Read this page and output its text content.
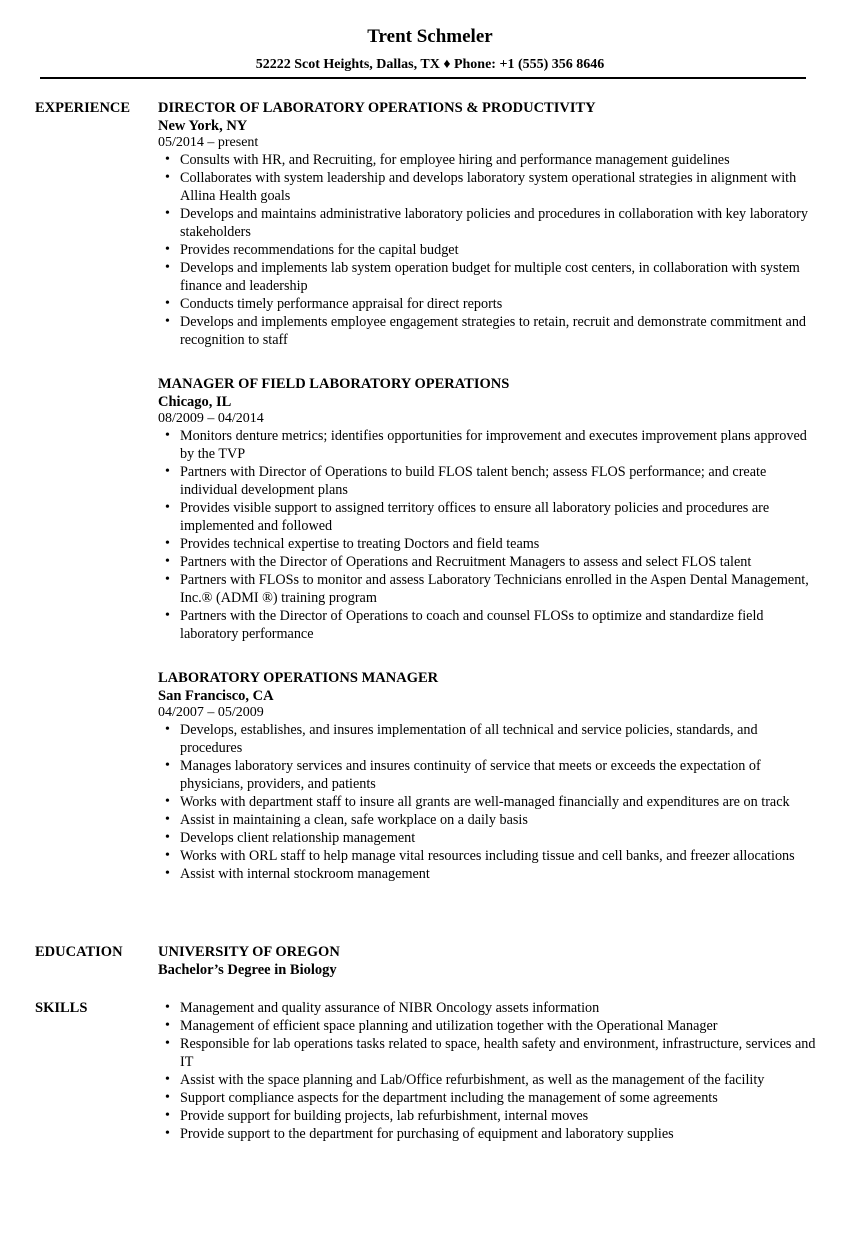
Trent Schmeler
52222 Scot Heights, Dallas, TX ♦ Phone: +1 (555) 356 8646
EXPERIENCE DIRECTOR OF LABORATORY OPERATIONS & PRODUCTIVITY
New York, NY
05/2014 – present
• Consults with HR, and Recruiting, for employee hiring and performance management guidelines
• Collaborates with system leadership and develops laboratory system operational strategies in alignment with Allina Health goals
• Develops and maintains administrative laboratory policies and procedures in collaboration with key laboratory stakeholders
• Provides recommendations for the capital budget
• Develops and implements lab system operation budget for multiple cost centers, in collaboration with system finance and leadership
• Conducts timely performance appraisal for direct reports
• Develops and implements employee engagement strategies to retain, recruit and demonstrate commitment and recognition to staff
MANAGER OF FIELD LABORATORY OPERATIONS
Chicago, IL
08/2009 – 04/2014
• Monitors denture metrics; identifies opportunities for improvement and executes improvement plans approved by the TVP
• Partners with Director of Operations to build FLOS talent bench; assess FLOS performance; and create individual development plans
• Provides visible support to assigned territory offices to ensure all laboratory policies and procedures are implemented and followed
• Provides technical expertise to treating Doctors and field teams
• Partners with the Director of Operations and Recruitment Managers to assess and select FLOS talent
• Partners with FLOSs to monitor and assess Laboratory Technicians enrolled in the Aspen Dental Management, Inc.® (ADMI ®) training program
• Partners with the Director of Operations to coach and counsel FLOSs to optimize and standardize field laboratory performance
LABORATORY OPERATIONS MANAGER
San Francisco, CA
04/2007 – 05/2009
• Develops, establishes, and insures implementation of all technical and service policies, standards, and procedures
• Manages laboratory services and insures continuity of service that meets or exceeds the expectation of physicians, providers, and patients
• Works with department staff to insure all grants are well-managed financially and expenditures are on track
• Assist in maintaining a clean, safe workplace on a daily basis
• Develops client relationship management
• Works with ORL staff to help manage vital resources including tissue and cell banks, and freezer allocations
• Assist with internal stockroom management
EDUCATION UNIVERSITY OF OREGON
Bachelor’s Degree in Biology
SKILLS
•	Management and quality assurance of NIBR Oncology assets information
• Management of efficient space planning and utilization together with the Operational Manager
• Responsible for lab operations tasks related to space, health safety and environment, infrastructure, services and IT
• Assist with the space planning and Lab/Office refurbishment, as well as the management of the facility
• Support compliance aspects for the department including the management of some agreements
• Provide support for building projects, lab refurbishment, internal moves
• Provide support to the department for purchasing of equipment and laboratory supplies
